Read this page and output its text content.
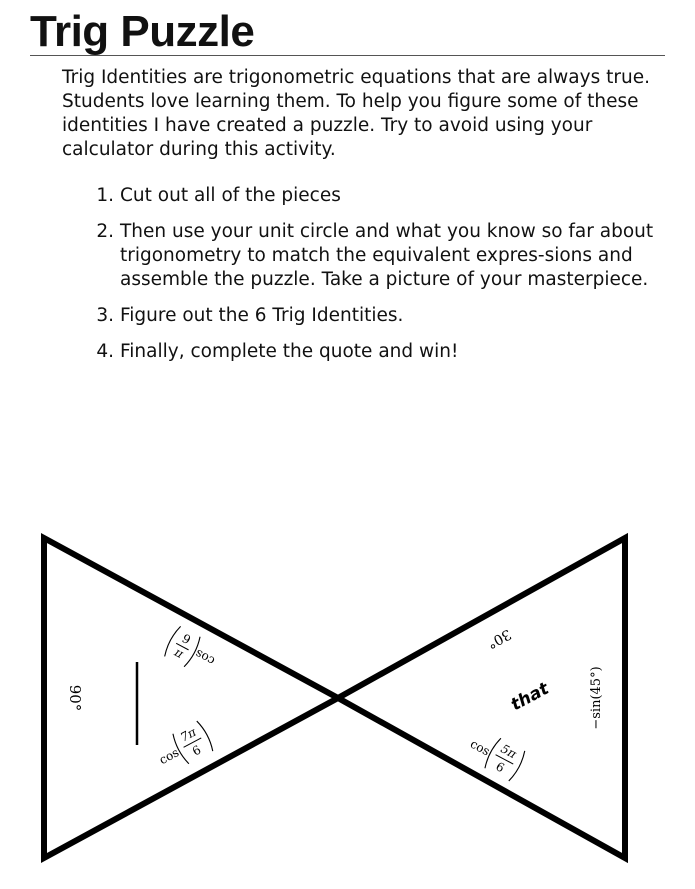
Trig Puzzle

Trig Identities are trigonometric equations that are always true. Students love learning them. To help you figure some of these identities I have created a puzzle. Try to avoid using your calculator during this activity.

1. Cut out all of the pieces
2. Then use your unit circle and what you know so far about trigonometry to match the equivalent expres-sions and assemble the puzzle. Take a picture of your masterpiece.
3. Figure out the 6 Trig Identities.
4. Finally, complete the quote and win!
90°
cos
π
6
cos
7π
6
30°
that	−sin(45°)
cos 5π
6
